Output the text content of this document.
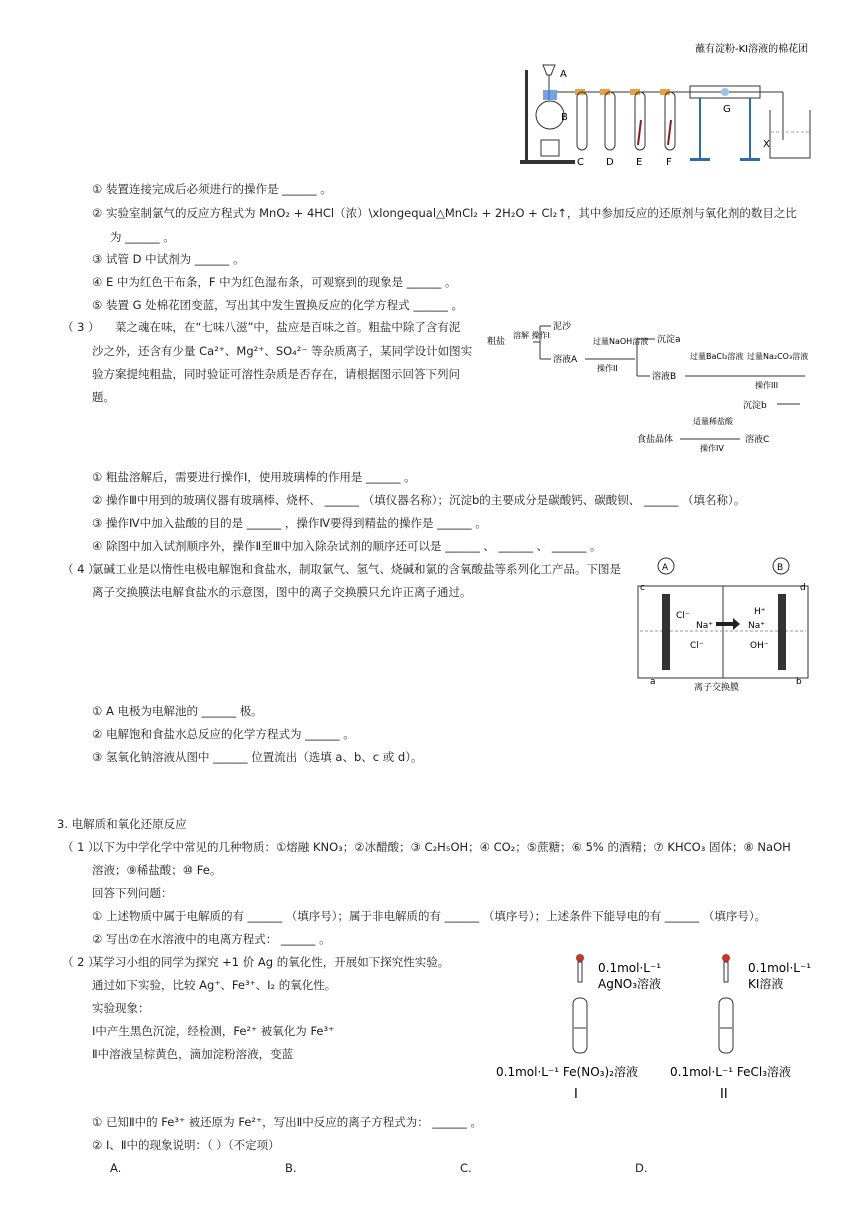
蘸有淀粉-KI溶液的棉花团
A
B
C D E F
G
X
① 装置连接完成后必须进行的操作是 ______ 。
② 实验室制氯气的反应方程式为 MnO₂ + 4HCl（浓）\xlongequal△MnCl₂ + 2H₂O + Cl₂↑，其中参加反应的还原剂与氧化剂的数目之比
为 ______ 。
③ 试管 D 中试剂为 ______ 。
④ E 中为红色干布条，F 中为红色湿布条，可观察到的现象是 ______ 。
⑤ 装置 G 处棉花团变蓝，写出其中发生置换反应的化学方程式 ______ 。
（ 3 ） 菜之魂在味，在“七味八滋”中，盐应是百味之首。粗盐中除了含有泥
沙之外，还含有少量 Ca²⁺、Mg²⁺、SO₄²⁻ 等杂质离子，某同学设计如图实
验方案提纯粗盐，同时验证可溶性杂质是否存在，请根据图示回答下列问
题。
粗盐
溶解 操作I
泥沙
溶液A
过量NaOH溶液
操作II
沉淀a
溶液B
过量BaCl₂溶液 过量Na₂CO₃溶液
操作III
沉淀b
食盐晶体
适量稀盐酸
操作IV
溶液C
① 粗盐溶解后，需要进行操作Ⅰ，使用玻璃棒的作用是 ______ 。
② 操作Ⅲ中用到的玻璃仪器有玻璃棒、烧杯、 ______ （填仪器名称）；沉淀b的主要成分是碳酸钙、碳酸钡、 ______ （填名称）。
③ 操作Ⅳ中加入盐酸的目的是 ______ ，操作Ⅳ要得到精盐的操作是 ______ 。
④ 除图中加入试剂顺序外，操作Ⅱ至Ⅲ中加入除杂试剂的顺序还可以是 ______ 、 ______ 、 ______ 。
（ 4 ）
氯碱工业是以惰性电极电解饱和食盐水，制取氯气、氢气、烧碱和氯的含氧酸盐等系列化工产品。下图是
离子交换膜法电解食盐水的示意图，图中的离子交换膜只允许正离子通过。
A	B
c	d
a	b
Cl⁻
Na⁺
Cl⁻
H⁺
Na⁺
OH⁻
离子交换膜
① A 电极为电解池的 ______ 极。
② 电解饱和食盐水总反应的化学方程式为 ______ 。
③ 氢氧化钠溶液从图中 ______ 位置流出（选填 a、b、c 或 d）。
3. 电解质和氧化还原反应
（ 1 ）
以下为中学化学中常见的几种物质：①熔融 KNO₃；②冰醋酸；③ C₂H₅OH；④ CO₂；⑤蔗糖；⑥ 5% 的酒精；⑦ KHCO₃ 固体；⑧ NaOH
溶液；⑨稀盐酸；⑩ Fe。
回答下列问题：
① 上述物质中属于电解质的有 ______ （填序号）；属于非电解质的有 ______ （填序号）；上述条件下能导电的有 ______ （填序号）。
② 写出⑦在水溶液中的电离方程式： ______ 。
（ 2 ）
某学习小组的同学为探究 +1 价 Ag 的氧化性，开展如下探究性实验。
通过如下实验，比较 Ag⁺、Fe³⁺、I₂ 的氧化性。
实验现象：
Ⅰ中产生黑色沉淀，经检测，Fe²⁺ 被氧化为 Fe³⁺
Ⅱ中溶液呈棕黄色，滴加淀粉溶液，变蓝
0.1mol·L⁻¹
AgNO₃溶液
0.1mol·L⁻¹
KI溶液
0.1mol·L⁻¹ Fe(NO₃)₂溶液	0.1mol·L⁻¹ FeCl₃溶液
I	II
① 已知Ⅱ中的 Fe³⁺ 被还原为 Fe²⁺，写出Ⅱ中反应的离子方程式为： ______ 。
② Ⅰ、Ⅱ中的现象说明：（ ）（不定项）
A.	B.	C.	D.
